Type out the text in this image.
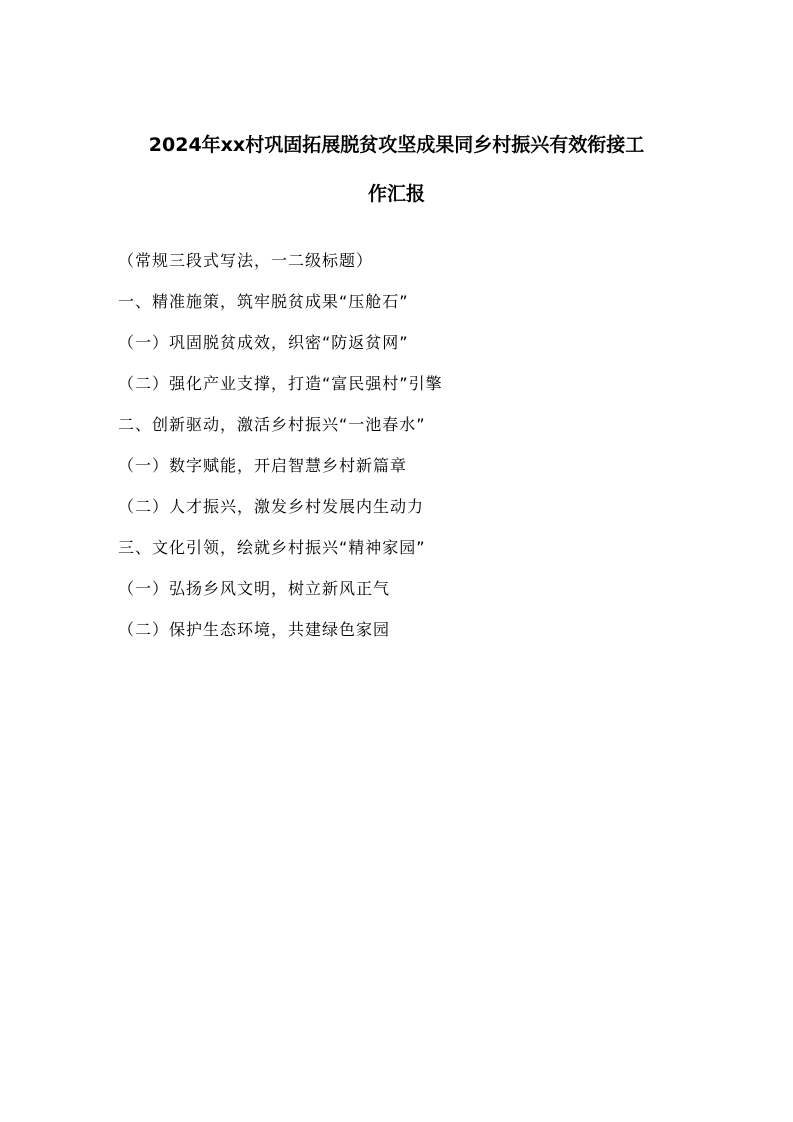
2024年xx村巩固拓展脱贫攻坚成果同乡村振兴有效衔接工
作汇报
（常规三段式写法，一二级标题）
一、精准施策，筑牢脱贫成果“压舱石”
（一）巩固脱贫成效，织密“防返贫网”
（二）强化产业支撑，打造“富民强村”引擎
二、创新驱动，激活乡村振兴“一池春水”
（一）数字赋能，开启智慧乡村新篇章
（二）人才振兴，激发乡村发展内生动力
三、文化引领，绘就乡村振兴“精神家园”
（一）弘扬乡风文明，树立新风正气
（二）保护生态环境，共建绿色家园
